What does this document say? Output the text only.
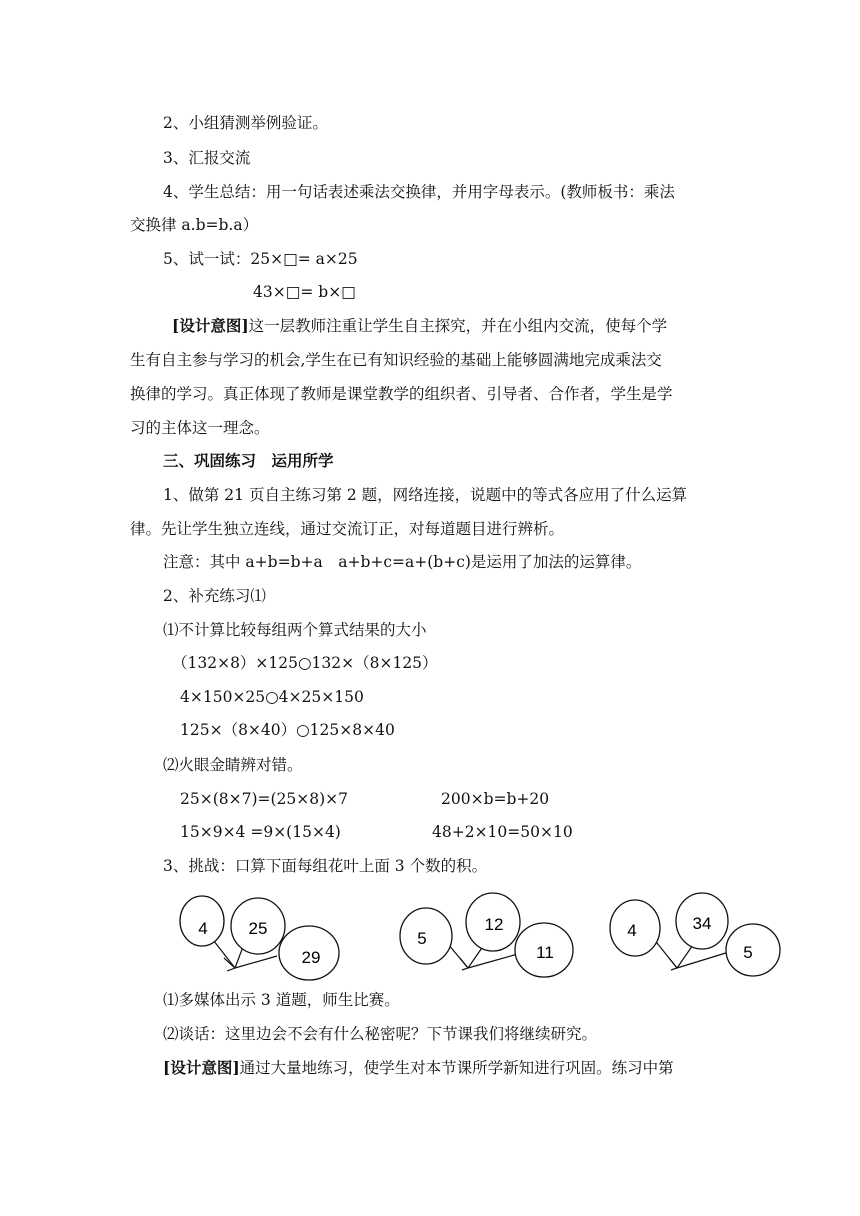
2、小组猜测举例验证。
3、汇报交流
4、学生总结：用一句话表述乘法交换律，并用字母表示。(教师板书：乘法
交换律 a.b=b.a）
5、试一试：25×□= a×25
43×□= b×□
[设计意图]这一层教师注重让学生自主探究，并在小组内交流，使每个学
生有自主参与学习的机会,学生在已有知识经验的基础上能够圆满地完成乘法交
换律的学习。真正体现了教师是课堂教学的组织者、引导者、合作者，学生是学
习的主体这一理念。
三、巩固练习　运用所学
1、做第 21 页自主练习第 2 题，网络连接，说题中的等式各应用了什么运算
律。先让学生独立连线，通过交流订正，对每道题目进行辨析。
注意：其中 a+b=b+a　a+b+c=a+(b+c)是运用了加法的运算律。
2、补充练习⑴
⑴不计算比较每组两个算式结果的大小
（132×8）×125○132×（8×125）
4×150×25○4×25×150
125×（8×40）○125×8×40
⑵火眼金睛辨对错。
25×(8×7)=(25×8)×7	200×b=b+20
15×9×4 =9×(15×4)	48+2×10=50×10
3、挑战：口算下面每组花叶上面 3 个数的积。
4 25
29
5
12
11
4	34
5
⑴多媒体出示 3 道题，师生比赛。
⑵谈话：这里边会不会有什么秘密呢？下节课我们将继续研究。
[设计意图]通过大量地练习，使学生对本节课所学新知进行巩固。练习中第
